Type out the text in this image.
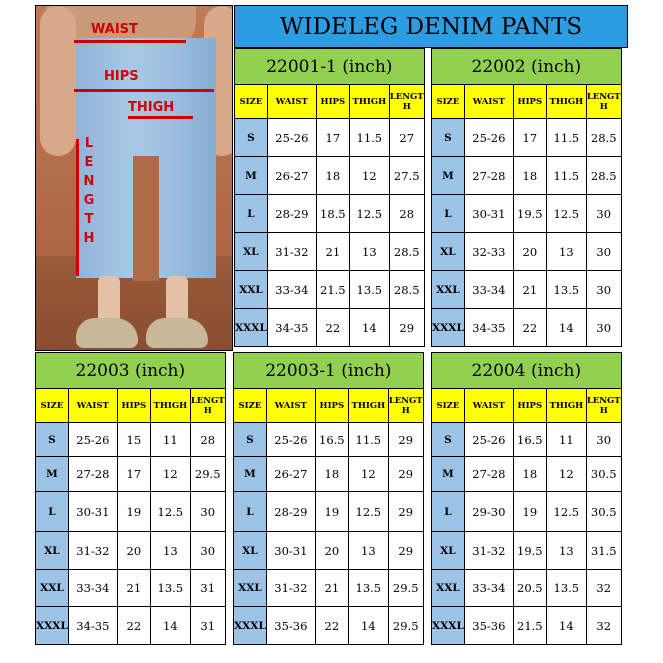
WAIST
HIPS
THIGH
L
E
N
G
T
H
WIDELEG DENIM PANTS
22001-1 (inch)				
SIZE	WAIST	HIPS	THIGH	LENGT
H

S	25-26	17	11.5	27
M	26-27	18	12	27.5
L	28-29	18.5	12.5	28
XL	31-32	21	13	28.5
XXL	33-34	21.5	13.5	28.5
XXXL	34-35	22	14	29
22002 (inch)				
SIZE	WAIST	HIPS	THIGH	LENGT
H

S	25-26	17	11.5	28.5
M	27-28	18	11.5	28.5
L	30-31	19.5	12.5	30
XL	32-33	20	13	30
XXL	33-34	21	13.5	30
XXXL	34-35	22	14	30
22003 (inch)				
SIZE	WAIST	HIPS	THIGH	LENGT
H

S	25-26	15	11	28
M	27-28	17	12	29.5
L	30-31	19	12.5	30
XL	31-32	20	13	30
XXL	33-34	21	13.5	31
XXXL	34-35	22	14	31
22003-1 (inch)				
SIZE	WAIST	HIPS	THIGH	LENGT
H

S	25-26	16.5	11.5	29
M	26-27	18	12	29
L	28-29	19	12.5	29
XL	30-31	20	13	29
XXL	31-32	21	13.5	29.5
XXXL	35-36	22	14	29.5
22004 (inch)				
SIZE	WAIST	HIPS	THIGH	LENGT
H

S	25-26	16.5	11	30
M	27-28	18	12	30.5
L	29-30	19	12.5	30.5
XL	31-32	19.5	13	31.5
XXL	33-34	20.5	13.5	32
XXXL	35-36	21.5	14	32
